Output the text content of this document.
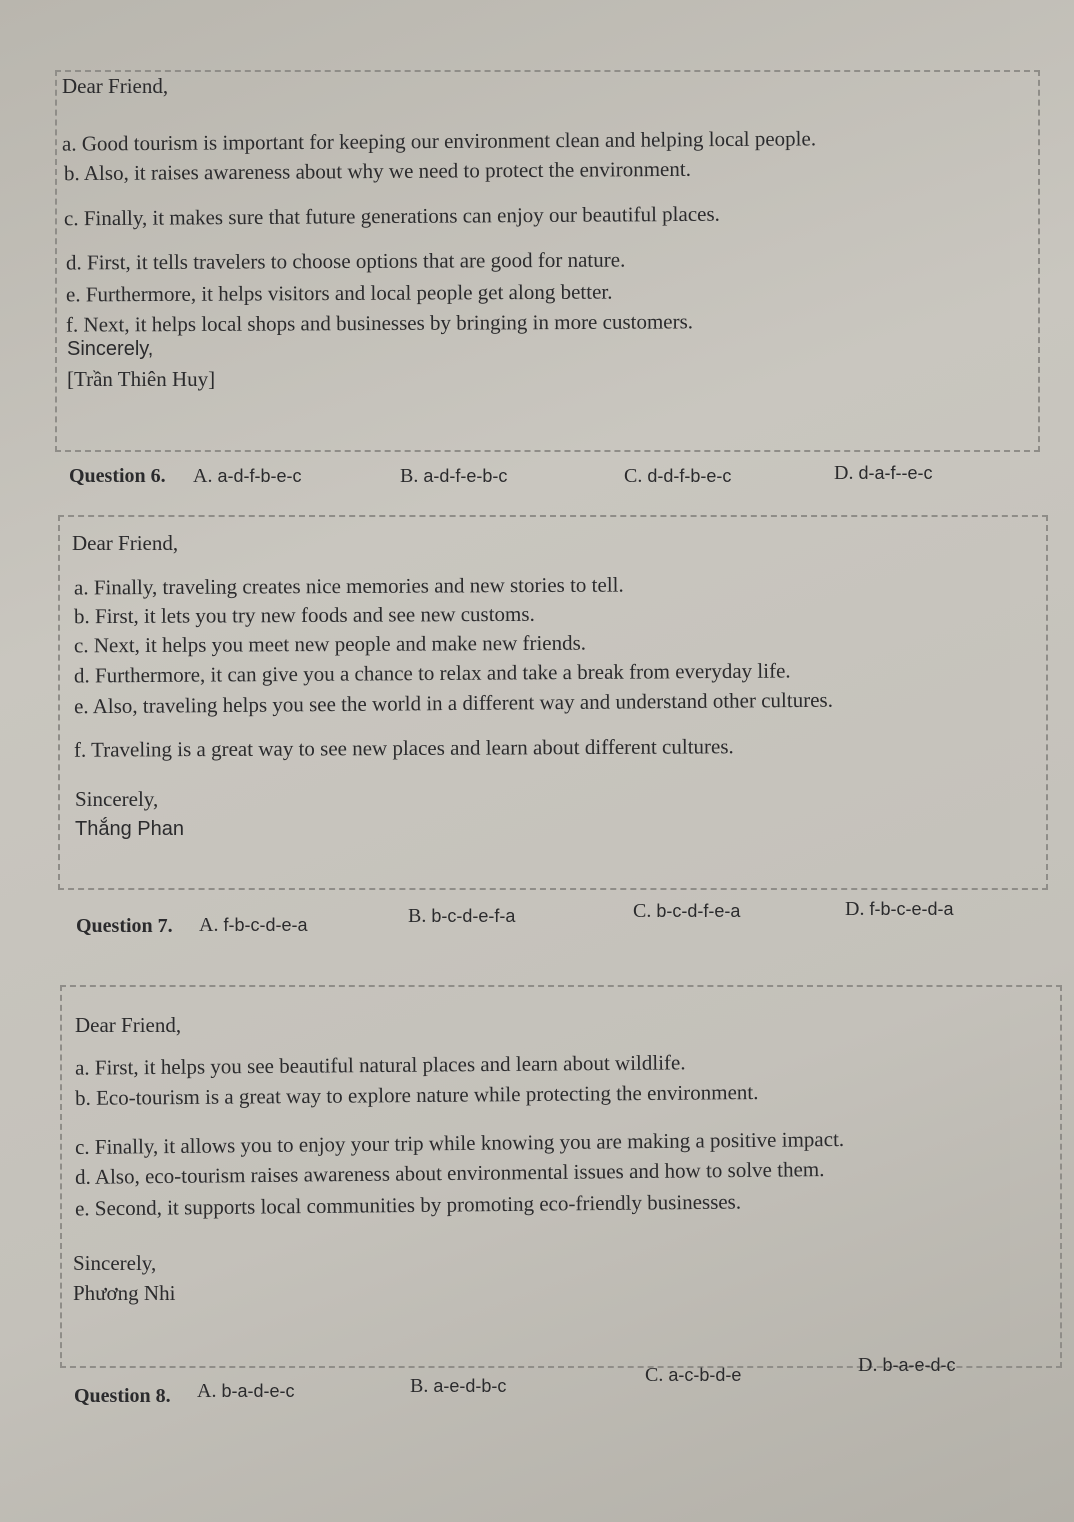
Dear Friend,
a. Good tourism is important for keeping our environment clean and helping local people.
b. Also, it raises awareness about why we need to protect the environment.
c. Finally, it makes sure that future generations can enjoy our beautiful places.
d. First, it tells travelers to choose options that are good for nature.
e. Furthermore, it helps visitors and local people get along better.
f. Next, it helps local shops and businesses by bringing in more customers.
Sincerely,
[Trần Thiên Huy]
Question 6. A. a-d-f-b-e-c	B. a-d-f-e-b-c	C. d-d-f-b-e-c	D. d-a-f--e-c
Dear Friend,
a. Finally, traveling creates nice memories and new stories to tell.
b. First, it lets you try new foods and see new customs.
c. Next, it helps you meet new people and make new friends.
d. Furthermore, it can give you a chance to relax and take a break from everyday life.
e. Also, traveling helps you see the world in a different way and understand other cultures.
f. Traveling is a great way to see new places and learn about different cultures.
Sincerely,
Thắng Phan
Question 7. A. f-b-c-d-e-a	B. b-c-d-e-f-a	C. b-c-d-f-e-a	D. f-b-c-e-d-a
Dear Friend,
a. First, it helps you see beautiful natural places and learn about wildlife.
b. Eco-tourism is a great way to explore nature while protecting the environment.
c. Finally, it allows you to enjoy your trip while knowing you are making a positive impact.
d. Also, eco-tourism raises awareness about environmental issues and how to solve them.
e. Second, it supports local communities by promoting eco-friendly businesses.
Sincerely,
Phương Nhi
Question 8. A. b-a-d-e-c	B. a-e-d-b-c	C. a-c-b-d-e	D. b-a-e-d-c
